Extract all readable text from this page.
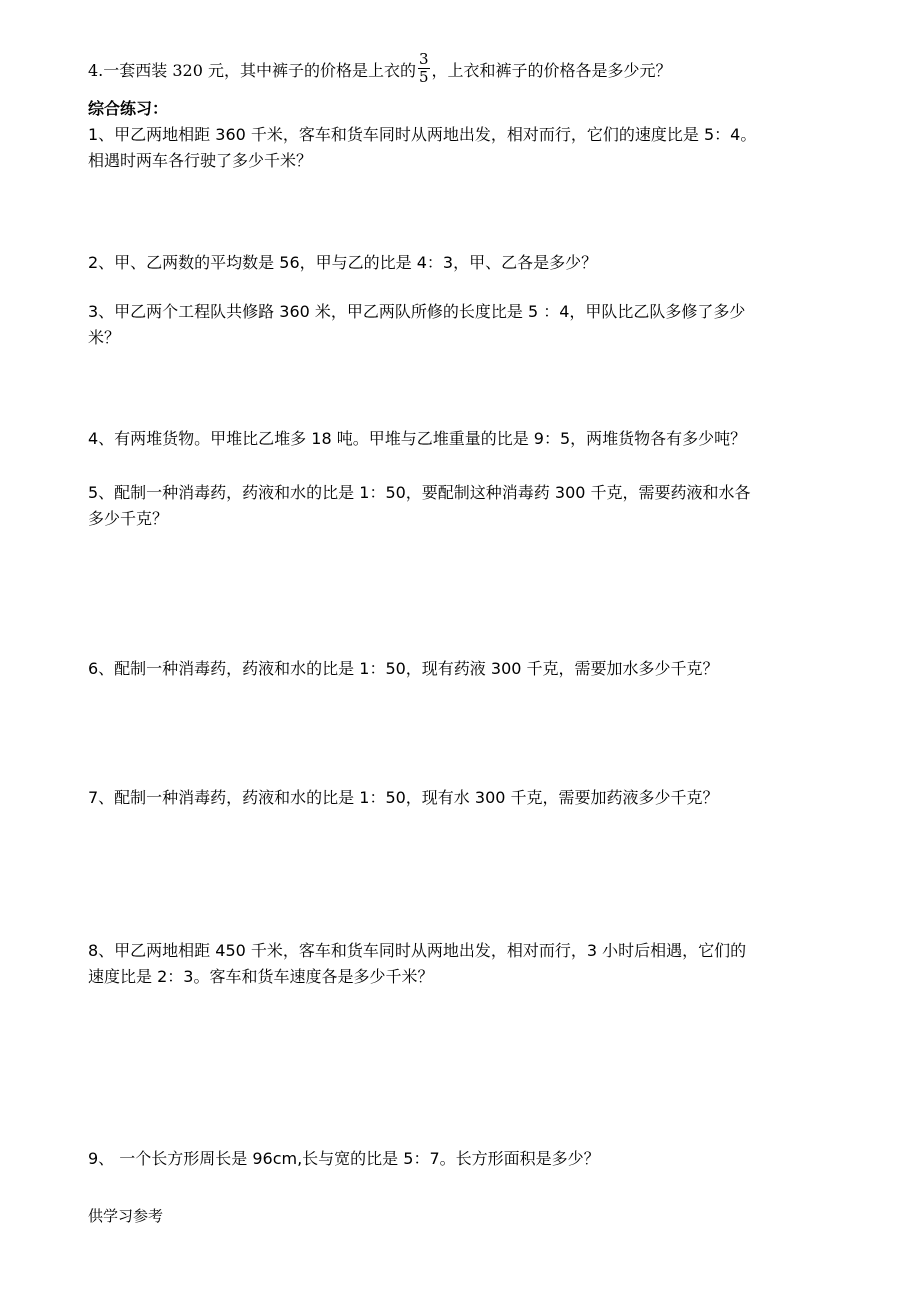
4.一套西装 320 元，其中裤子的价格是上衣的 $\frac{3}{5}$ ，上衣和裤子的价格各是多少元？
综合练习：
1、甲乙两地相距 360 千米，客车和货车同时从两地出发，相对而行，它们的速度比是 5：4。
相遇时两车各行驶了多少千米？
2、甲、乙两数的平均数是 56，甲与乙的比是 4：3，甲、乙各是多少？
3、甲乙两个工程队共修路 360 米，甲乙两队所修的长度比是 5 ：4，甲队比乙队多修了多少
米？
4、有两堆货物。甲堆比乙堆多 18 吨。甲堆与乙堆重量的比是 9：5，两堆货物各有多少吨？
5、配制一种消毒药，药液和水的比是 1：50，要配制这种消毒药 300 千克，需要药液和水各
多少千克？
6、配制一种消毒药，药液和水的比是 1：50，现有药液 300 千克，需要加水多少千克？
7、配制一种消毒药，药液和水的比是 1：50，现有水 300 千克，需要加药液多少千克？
8、甲乙两地相距 450 千米，客车和货车同时从两地出发，相对而行，3 小时后相遇，它们的
速度比是 2：3。客车和货车速度各是多少千米？
9、 一个长方形周长是 96cm,长与宽的比是 5：7。长方形面积是多少？
供学习参考
